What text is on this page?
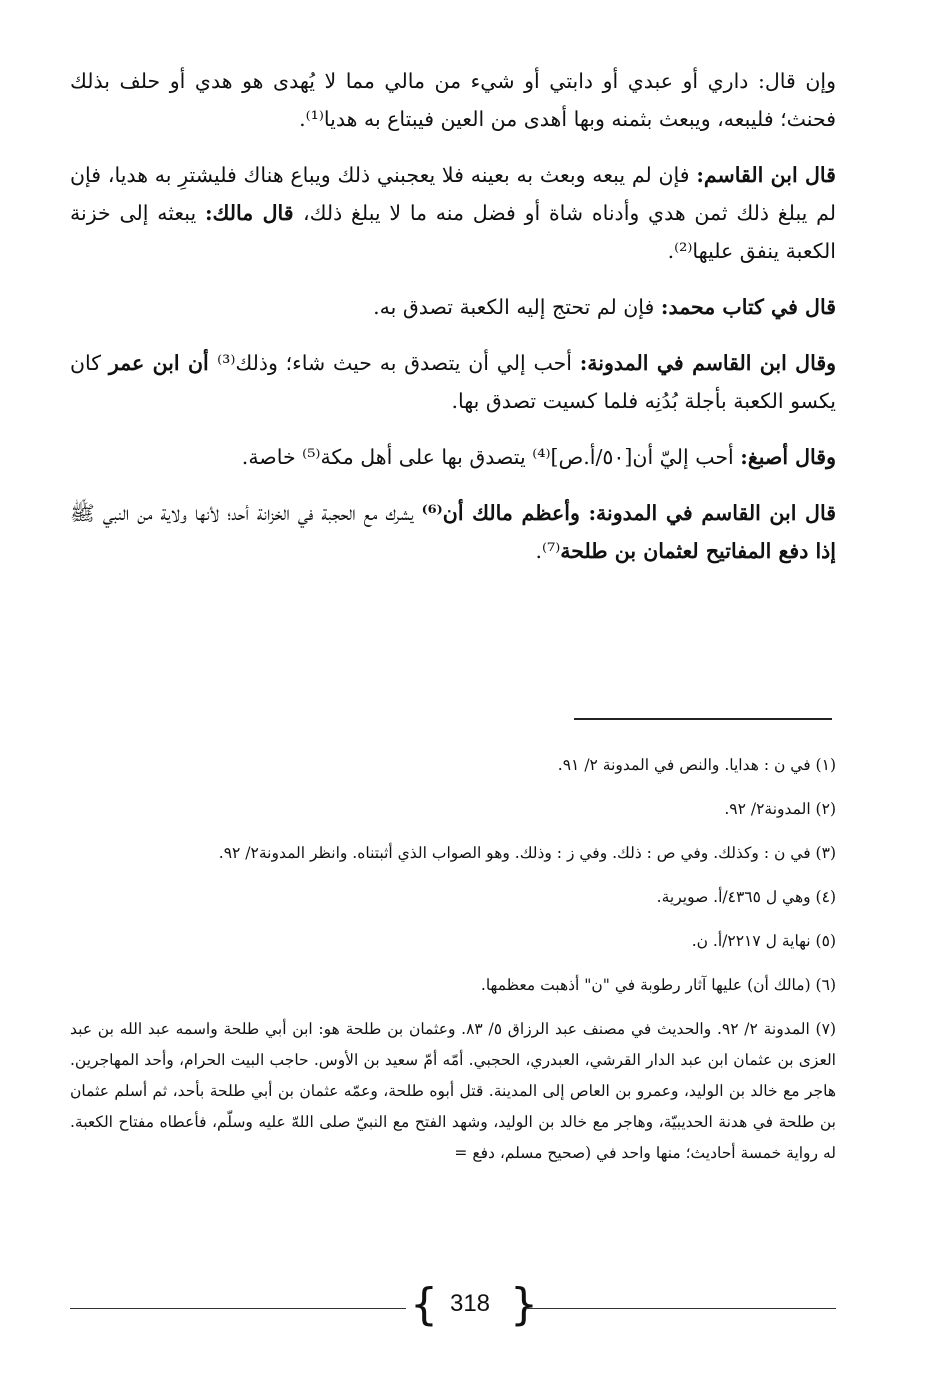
وإن قال: داري أو عبدي أو دابتي أو شيء من مالي مما لا يُهدى هو هدي أو حلف بذلك فحنث؛ فليبعه، ويبعث بثمنه وبها أهدى من العين فيبتاع به هديا⁽¹⁾.

قال ابن القاسم: فإن لم يبعه وبعث به بعينه فلا يعجبني ذلك ويباع هناك فليشترِ به هديا، فإن لم يبلغ ذلك ثمن هدي وأدناه شاة أو فضل منه ما لا يبلغ ذلك، قال مالك: يبعثه إلى خزنة الكعبة ينفق عليها⁽²⁾.

قال في كتاب محمد: فإن لم تحتج إليه الكعبة تصدق به.

وقال ابن القاسم في المدونة: أحب إلي أن يتصدق به حيث شاء؛ وذلك⁽³⁾ أن ابن عمر كان يكسو الكعبة بأجلة بُدُنِه فلما كسيت تصدق بها.

وقال أصبغ: أحب إليّ أن[٥٠/أ.ص]⁽⁴⁾ يتصدق بها على أهل مكة⁽⁵⁾ خاصة.

قال ابن القاسم في المدونة: وأعظم مالك أن⁽⁶⁾ يشرك مع الحجبة في الخزانة أحد؛ لأنها ولاية من النبي ﷺ إذا دفع المفاتيح لعثمان بن طلحة⁽⁷⁾.

(١) في ن : هدايا. والنص في المدونة ٢/ ٩١.
(٢) المدونة٢/ ٩٢.
(٣) في ن : وكذلك. وفي ص : ذلك. وفي ز : وذلك. وهو الصواب الذي أثبتناه. وانظر المدونة٢/ ٩٢.
(٤) وهي ل ٤٣٦٥/أ. صويرية.
(٥) نهاية ل ٢٢١٧/أ. ن.
(٦) (مالك أن) عليها آثار رطوبة في "ن" أذهبت معظمها.
(٧) المدونة ٢/ ٩٢. والحديث في مصنف عبد الرزاق ٥/ ٨٣. وعثمان بن طلحة هو: ابن أبي طلحة واسمه عبد الله بن عبد العزى بن عثمان ابن عبد الدار القرشي، العبدري، الحجبي. أمّه أمّ سعيد بن الأوس. حاجب البيت الحرام، وأحد المهاجرين. هاجر مع خالد بن الوليد، وعمرو بن العاص إلى المدينة. قتل أبوه طلحة، وعمّه عثمان بن أبي طلحة بأحد، ثم أسلم عثمان بن طلحة في هدنة الحديبيّة، وهاجر مع خالد بن الوليد، وشهد الفتح مع النبيّ صلى اللهّ عليه وسلّم، فأعطاه مفتاح الكعبة. له رواية خمسة أحاديث؛ منها واحد في (صحيح مسلم، دفع =
{ 318 }
